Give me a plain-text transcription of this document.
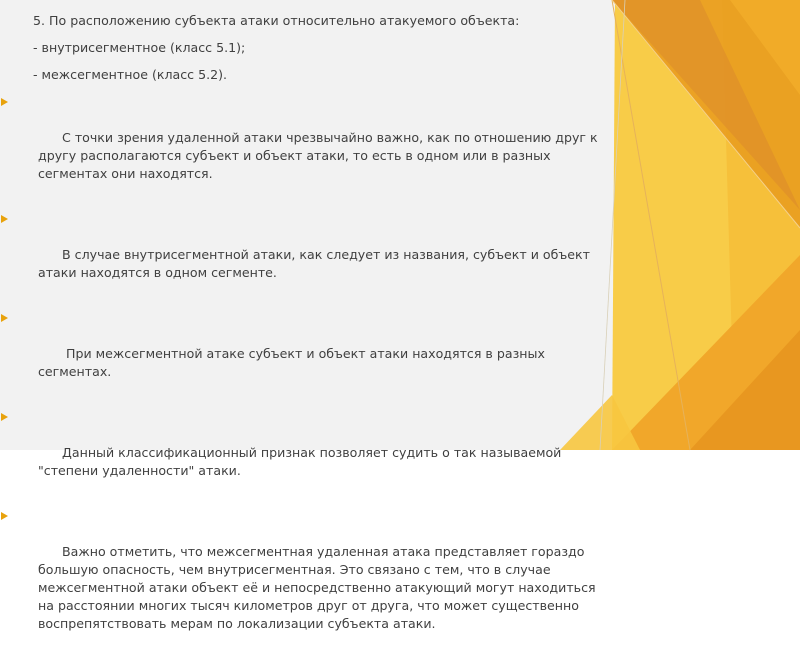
5. По расположению субъекта атаки относительно атакуемого объекта:
- внутрисегментное (класс 5.1);
- межсегментное (класс 5.2).

С точки зрения удаленной атаки чрезвычайно важно, как по отношению друг к другу располагаются субъект и объект атаки, то есть в одном или в разных сегментах они находятся.

В случае внутрисегментной атаки, как следует из названия, субъект и объект атаки находятся в одном сегменте.

При межсегментной атаке субъект и объект атаки находятся в разных сегментах.

Данный классификационный признак позволяет судить о так называемой "степени удаленности" атаки.

Важно отметить, что межсегментная удаленная атака представляет гораздо большую опасность, чем внутрисегментная. Это связано с тем, что в случае межсегментной атаки объект её и непосредственно атакующий могут находиться на расстоянии многих тысяч километров друг от друга, что может существенно воспрепятствовать мерам по локализации субъекта атаки.
